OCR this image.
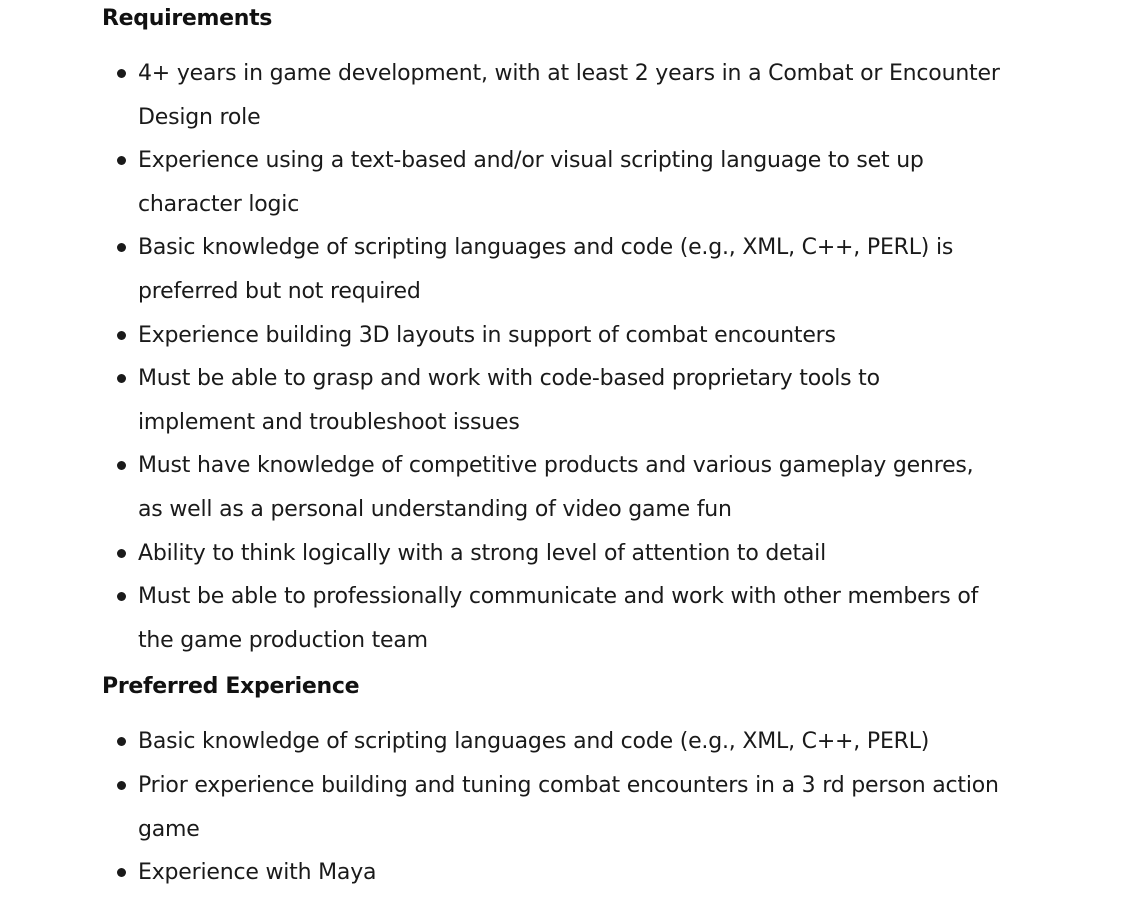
Requirements
4+ years in game development, with at least 2 years in a Combat or Encounter Design role
Experience using a text-based and/or visual scripting language to set up character logic
Basic knowledge of scripting languages and code (e.g., XML, C++, PERL) is preferred but not required
Experience building 3D layouts in support of combat encounters
Must be able to grasp and work with code-based proprietary tools to implement and troubleshoot issues
Must have knowledge of competitive products and various gameplay genres, as well as a personal understanding of video game fun
Ability to think logically with a strong level of attention to detail
Must be able to professionally communicate and work with other members of the game production team
Preferred Experience
Basic knowledge of scripting languages and code (e.g., XML, C++, PERL)
Prior experience building and tuning combat encounters in a 3 rd person action game
Experience with Maya
